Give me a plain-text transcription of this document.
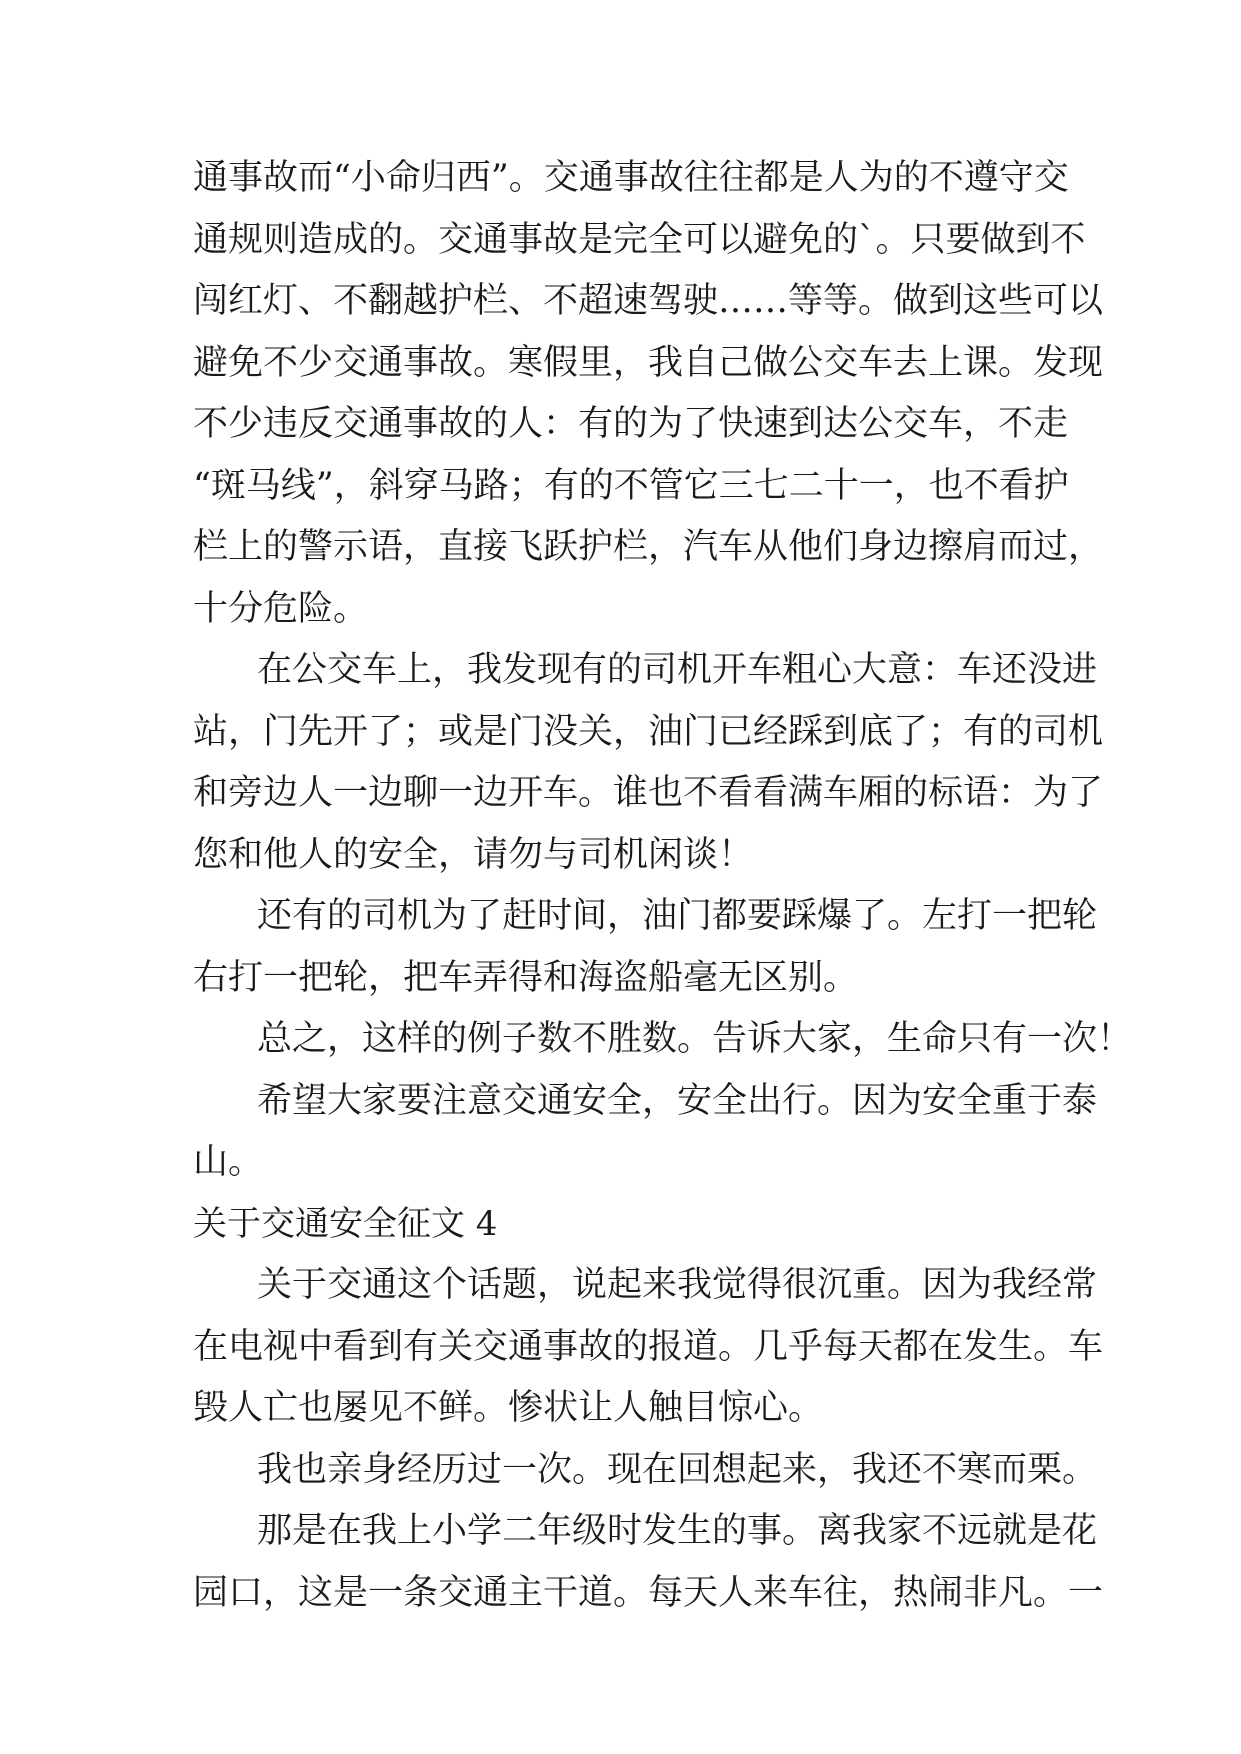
通事故而“小命归西”。交通事故往往都是人为的不遵守交
通规则造成的。交通事故是完全可以避免的`。只要做到不
闯红灯、不翻越护栏、不超速驾驶……等等。做到这些可以
避免不少交通事故。寒假里，我自己做公交车去上课。发现
不少违反交通事故的人：有的为了快速到达公交车，不走
“斑马线”，斜穿马路；有的不管它三七二十一，也不看护
栏上的警示语，直接飞跃护栏，汽车从他们身边擦肩而过，
十分危险。
在公交车上，我发现有的司机开车粗心大意：车还没进
站，门先开了；或是门没关，油门已经踩到底了；有的司机
和旁边人一边聊一边开车。谁也不看看满车厢的标语：为了
您和他人的安全，请勿与司机闲谈！
还有的司机为了赶时间，油门都要踩爆了。左打一把轮
右打一把轮，把车弄得和海盗船毫无区别。
总之，这样的例子数不胜数。告诉大家，生命只有一次！
希望大家要注意交通安全，安全出行。因为安全重于泰
山。
关于交通安全征文 4
关于交通这个话题，说起来我觉得很沉重。因为我经常
在电视中看到有关交通事故的报道。几乎每天都在发生。车
毁人亡也屡见不鲜。惨状让人触目惊心。
我也亲身经历过一次。现在回想起来，我还不寒而栗。
那是在我上小学二年级时发生的事。离我家不远就是花
园口，这是一条交通主干道。每天人来车往，热闹非凡。一
